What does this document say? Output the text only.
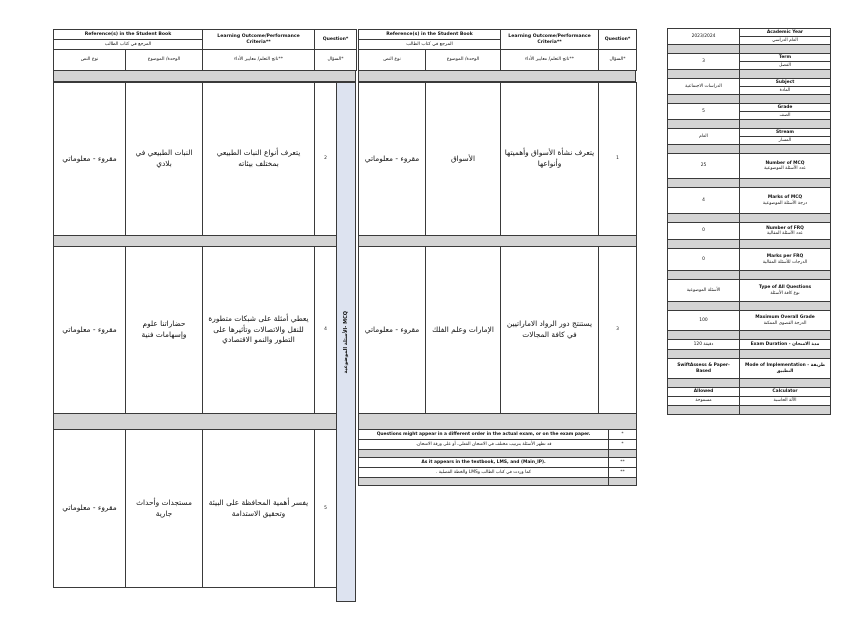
Reference(s) in the Student Book	Learning Outcome/Performance Criteria**	Question*
المرجع في كتاب الطالب
نوع النص	الوحدة/ الموضوع	ناتج التعلم/ معايير الأداء**	السؤال*
مقروء - معلوماتي	النبات الطبيعي في بلادي	يتعرف أنواع النبات الطبيعي بمختلف بيئاته	2

مقروء - معلوماتي	حضاراتنا علوم وإسهامات فنية	يعطي أمثلة على شبكات متطورة للنقل والاتصالات وتأثيرها على التطور والنمو الاقتصادي	4

مقروء - معلوماتي	مستجدات وأحداث جارية	يفسر أهمية المحافظة على البيئة وتحقيق الاستدامة	5
الأسئلة الموضوعية- MCQ
Reference(s) in the Student Book	Learning Outcome/Performance Criteria**	Question*
المرجع في كتاب الطالب
نوع النص	الوحدة/ الموضوع	ناتج التعلم/ معايير الأداء**	السؤال*
مقروء - معلوماتي	الأسواق	يتعرف نشأة الأسواق وأهميتها وأنواعها	1

مقروء - معلوماتي	الإمارات وعلم الفلك	يستنتج دور الرواد الاماراتيين في كافة المجالات	3

Questions might appear in a different order in the actual exam, or on the exam paper.	*
قد تظهر الأسئلة بترتيب مختلف في الامتحان الفعلي، أو على ورقة الامتحان.	*

As it appears in the textbook, LMS, and (Main_IP).	**
كما وردت في كتاب الطالب وLMS والخطة الفصلية .	**

2023/2024	Academic Year
	العام الدراسي

3	Term
	الفصل

الدراسات الاجتماعية	Subject
	المادة

5	Grade
	الصف

العام	Stream
	المسار

25	Number of MCQ
عدد الأسئلة الموضوعية

4	Marks of MCQ
درجة الأسئلة الموضوعية

0	Number of FRQ
عدد الأسئلة المقالية

0	Marks per FRQ
الدرجات للأسئلة المقالية

الأسئلة الموضوعية	Type of All Questions
نوع كافة الأسئلة

100	Maximum Overall Grade
الدرجة القصوى الممكنة

120 دقيقة	Exam Duration - مدة الامتحان

SwiftAssess & Paper-Based	Mode of Implementation - طريقة التطبيق

Allowed	Calculator
مسموحة	الآلة الحاسبة
